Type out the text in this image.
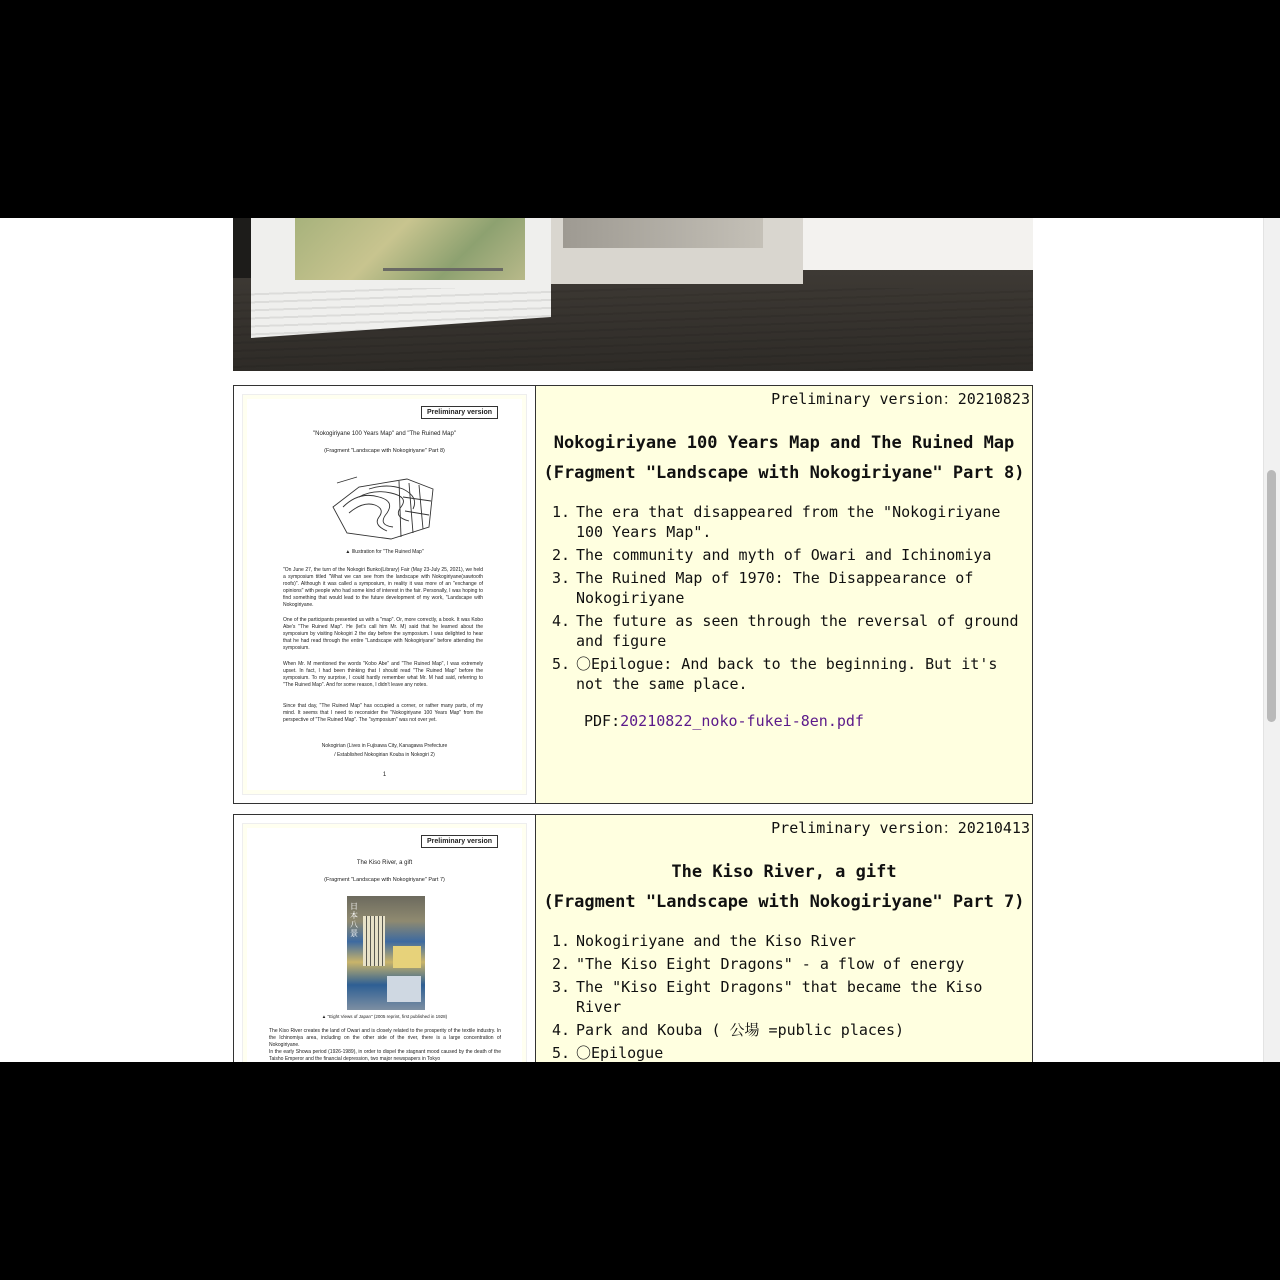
Preliminary version
"Nokogiriyane 100 Years Map" and "The Ruined Map"
(Fragment "Landscape with Nokogiriyane" Part 8)
▲ Illustration for "The Ruined Map"
"On June 27, the turn of the Nokogiri Bunko(Library) Fair (May 23-July 25, 2021), we held a symposium titled "What we can see from the landscape with Nokogiriyane(sawtooth roofs)". Although it was called a symposium, in reality it was more of an "exchange of opinions" with people who had some kind of interest in the fair. Personally, I was hoping to find something that would lead to the future development of my work, "Landscape with Nokogiriyane.
One of the participants presented us with a "map". Or, more correctly, a book. It was Kobo Abe's "The Ruined Map". He (let's call him Mr. M) said that he learned about the symposium by visiting Nokogiri 2 the day before the symposium. I was delighted to hear that he had read through the entire "Landscape with Nokogiriyane" before attending the symposium.
When Mr. M mentioned the words "Kobo Abe" and "The Ruined Map", I was extremely upset. In fact, I had been thinking that I should read "The Ruined Map" before the symposium. To my surprise, I could hardly remember what Mr. M had said, referring to "The Ruined Map". And for some reason, I didn't leave any notes.
Since that day, "The Ruined Map" has occupied a corner, or rather many parts, of my mind. It seems that I need to reconsider the "Nokogiriyane 100 Years Map" from the perspective of "The Ruined Map". The "symposium" was not over yet.
Nokogirian (Lives in Fujisawa City, Kanagawa Prefecture
/ Established Nokogirian Kouba in Nokogiri 2)
1
Preliminary version：20210823
Nokogiriyane 100 Years Map and The Ruined Map
(Fragment "Landscape with Nokogiriyane" Part 8)
1. The era that disappeared from the "Nokogiriyane 100 Years Map".
2. The community and myth of Owari and Ichinomiya
3. The Ruined Map of 1970: The Disappearance of Nokogiriyane
4. The future as seen through the reversal of ground and figure
5. 〇Epilogue: And back to the beginning. But it's not the same place.
PDF:20210822_noko-fukei-8en.pdf
Preliminary version
The Kiso River, a gift
(Fragment "Landscape with Nokogiriyane" Part 7)
日本八景
▲ "Eight Views of Japan" (2005 reprint, first published in 1928)
The Kiso River creates the land of Owari and is closely related to the prosperity of the textile industry. In the Ichinomiya area, including on the other side of the river, there is a large concentration of Nokogiriyane.
In the early Showa period (1926-1989), in order to dispel the stagnant mood caused by the death of the Taisho Emperor and the financial depression, two major newspapers in Tokyo
Preliminary version：20210413
The Kiso River, a gift
(Fragment "Landscape with Nokogiriyane" Part 7)
1. Nokogiriyane and the Kiso River
2. "The Kiso Eight Dragons" - a flow of energy
3. The "Kiso Eight Dragons" that became the Kiso River
4. Park and Kouba ( 公場 =public places)
5. 〇Epilogue
